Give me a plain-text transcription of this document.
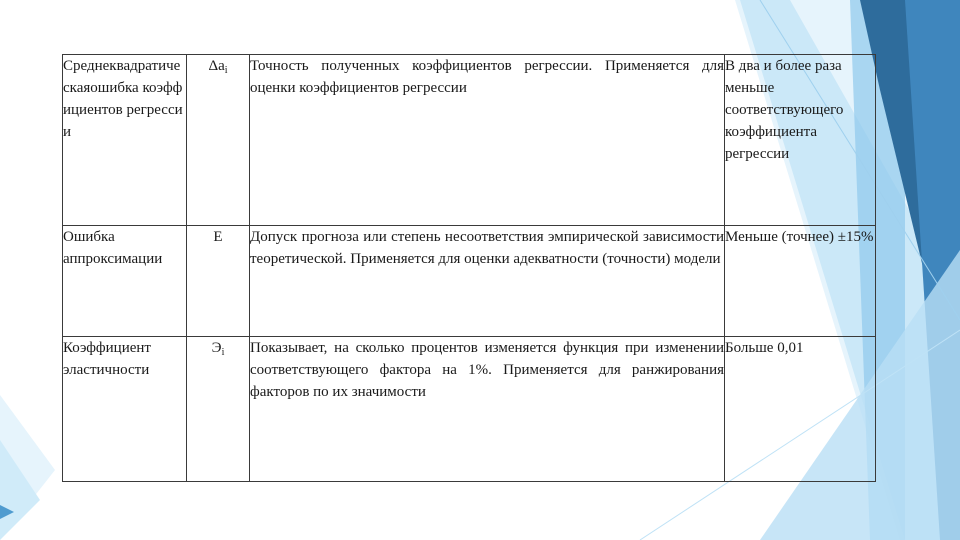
Среднеквадратическаяошибка коэффициентов регрессии	$\Delta a_i$	Точность полученных коэффициентов регрессии. Применяется для оценки коэффициентов регрессии	В два и более раза меньше соответствующего коэффициента регрессии

Ошибка аппроксимации	Е	Допуск прогноза или степень несоответствия эмпирической зависимости теоретической. Применяется для оценки адекватности (точности) модели	Меньше (точнее) ±15%

Коэффициент эластичности	$Э_i$	Показывает, на сколько процентов изменяется функция при изменении соответствующего фактора на 1%. Применяется для ранжирования факторов по их значимости	Больше 0,01
